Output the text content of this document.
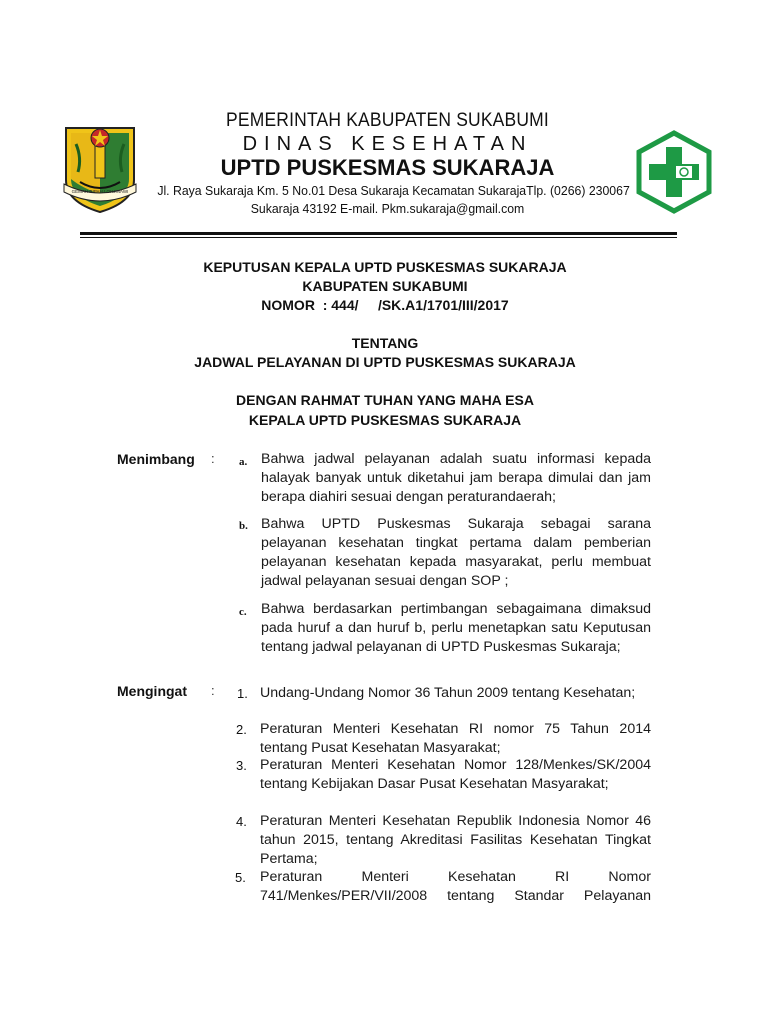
GEMAH RIPAH LOHJINAWI
PEMERINTAH KABUPATEN SUKABUMI
DINAS KESEHATAN
UPTD PUSKESMAS SUKARAJA
Jl. Raya Sukaraja Km. 5 No.01 Desa Sukaraja Kecamatan SukarajaTlp. (0266) 230067
Sukaraja 43192 E-mail. Pkm.sukaraja@gmail.com
KEPUTUSAN KEPALA UPTD PUSKESMAS SUKARAJA
KABUPATEN SUKABUMI
NOMOR  : 444/     /SK.A1/1701/III/2017
TENTANG
JADWAL PELAYANAN DI UPTD PUSKESMAS SUKARAJA
DENGAN RAHMAT TUHAN YANG MAHA ESA
KEPALA UPTD PUSKESMAS SUKARAJA
Menimbang : a. Bahwa jadwal pelayanan adalah suatu informasi kepada halayak banyak untuk diketahui jam berapa dimulai dan jam berapa diahiri sesuai dengan peraturandaerah;
b. Bahwa UPTD Puskesmas Sukaraja sebagai sarana pelayanan kesehatan tingkat pertama dalam pemberian pelayanan kesehatan kepada masyarakat, perlu membuat jadwal pelayanan sesuai dengan SOP ;
c. Bahwa berdasarkan pertimbangan sebagaimana dimaksud pada huruf a dan huruf b, perlu menetapkan satu Keputusan tentang jadwal pelayanan di UPTD Puskesmas Sukaraja;
Mengingat : 1. Undang-Undang Nomor 36 Tahun 2009 tentang Kesehatan;
2. Peraturan Menteri Kesehatan RI nomor 75 Tahun 2014 tentang Pusat Kesehatan Masyarakat;
3. Peraturan Menteri Kesehatan Nomor 128/Menkes/SK/2004 tentang Kebijakan Dasar Pusat Kesehatan Masyarakat;
4. Peraturan Menteri Kesehatan Republik Indonesia Nomor 46 tahun 2015, tentang Akreditasi Fasilitas Kesehatan Tingkat Pertama;
5. Peraturan Menteri Kesehatan RI Nomor 741/Menkes/PER/VII/2008 tentang Standar Pelayanan
